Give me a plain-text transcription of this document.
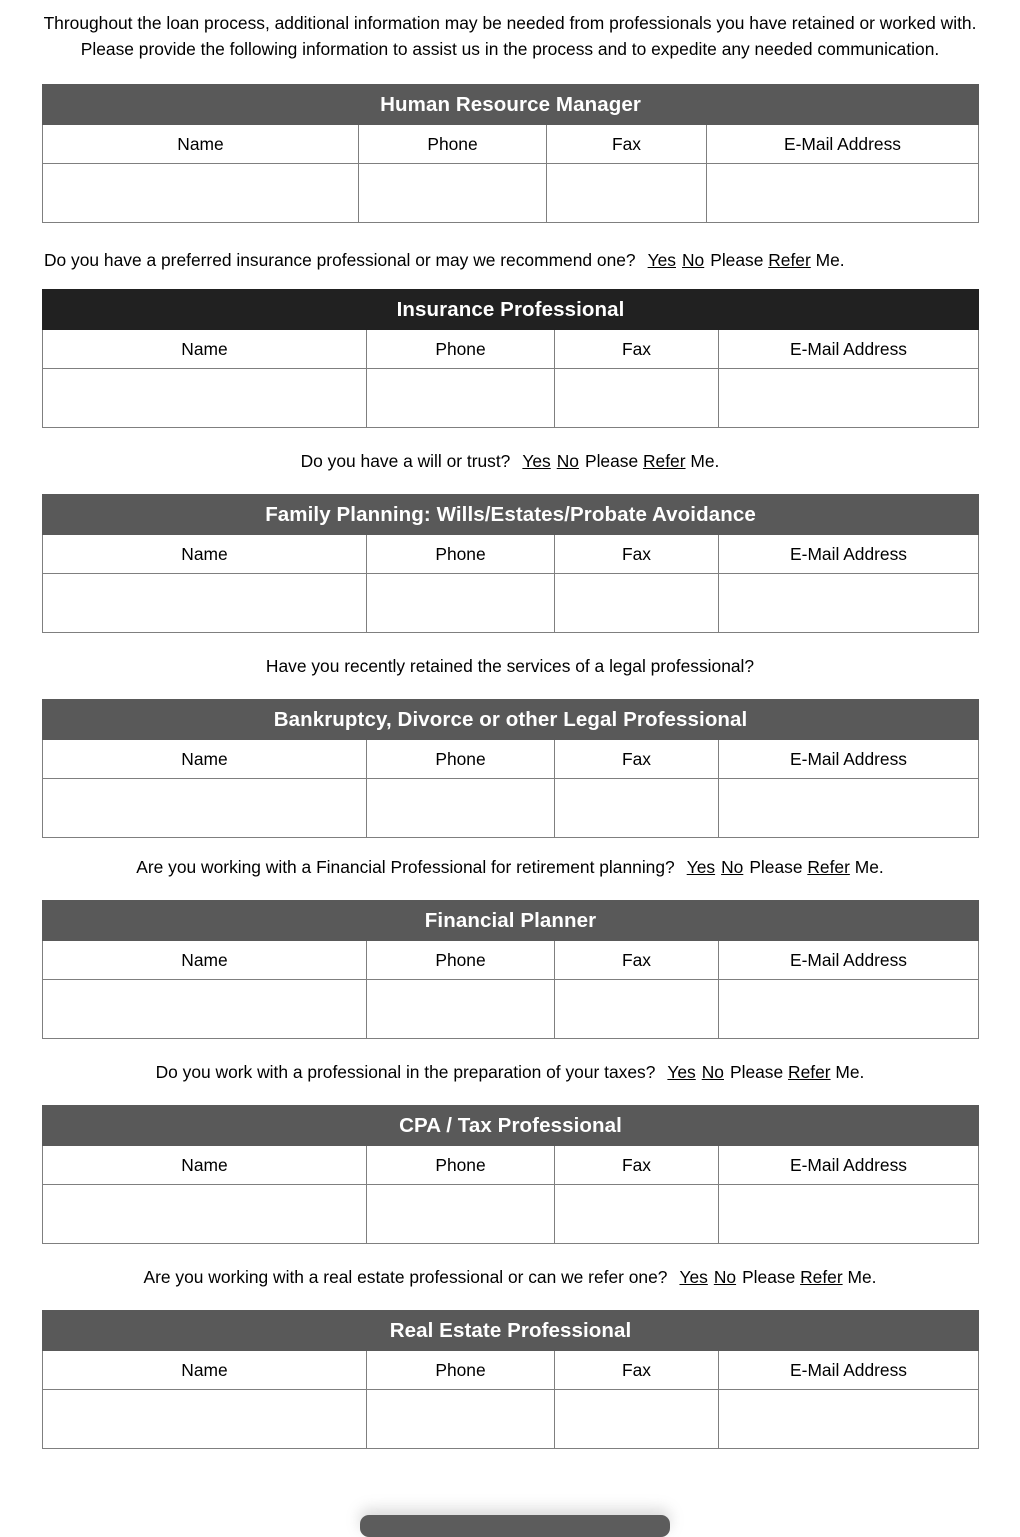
Throughout the loan process, additional information may be needed from professionals you have retained or worked with. Please provide the following information to assist us in the process and to expedite any needed communication.

Human Resource Manager			
Name	Phone	Fax	E-Mail Address

Do you have a preferred insurance professional or may we recommend one? Yes No Please Refer Me.

Insurance Professional			
Name	Phone	Fax	E-Mail Address

Do you have a will or trust? Yes No Please Refer Me.

Family Planning: Wills/Estates/Probate Avoidance			
Name	Phone	Fax	E-Mail Address

Have you recently retained the services of a legal professional?

Bankruptcy, Divorce or other Legal Professional			
Name	Phone	Fax	E-Mail Address

Are you working with a Financial Professional for retirement planning? Yes No Please Refer Me.

Financial Planner			
Name	Phone	Fax	E-Mail Address

Do you work with a professional in the preparation of your taxes? Yes No Please Refer Me.

CPA / Tax Professional			
Name	Phone	Fax	E-Mail Address

Are you working with a real estate professional or can we refer one? Yes No Please Refer Me.

Real Estate Professional			
Name	Phone	Fax	E-Mail Address
